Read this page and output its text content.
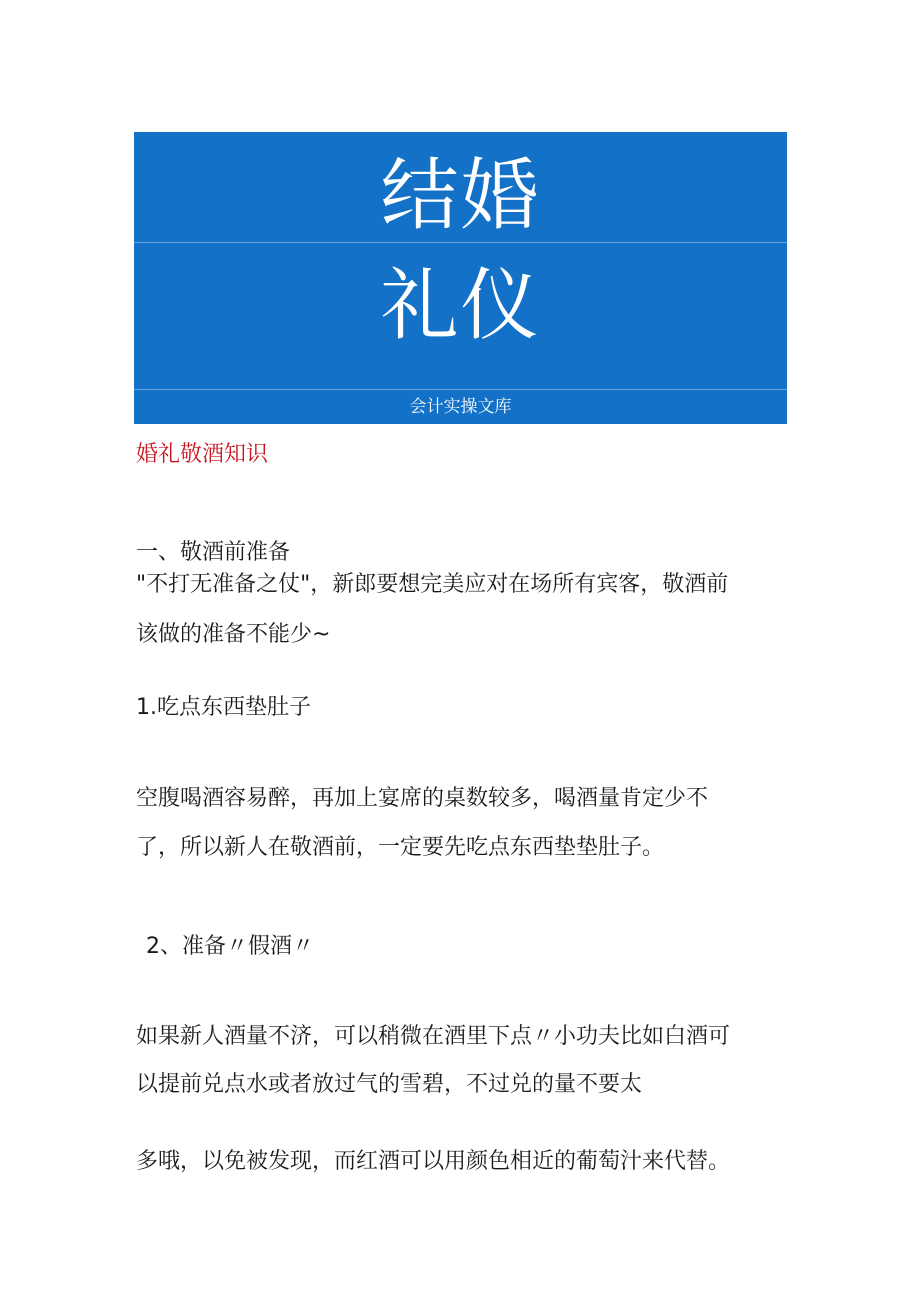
结婚
礼仪
会计实操文库

婚礼敬酒知识

一、敬酒前准备

"不打无准备之仗"，新郎要想完美应对在场所有宾客，敬酒前

该做的准备不能少~

1.吃点东西垫肚子

空腹喝酒容易醉，再加上宴席的桌数较多，喝酒量肯定少不

了，所以新人在敬酒前，一定要先吃点东西垫垫肚子。

2、准备〃假酒〃

如果新人酒量不济，可以稍微在酒里下点〃小功夫比如白酒可

以提前兑点水或者放过气的雪碧，不过兑的量不要太

多哦，以免被发现，而红酒可以用颜色相近的葡萄汁来代替。
